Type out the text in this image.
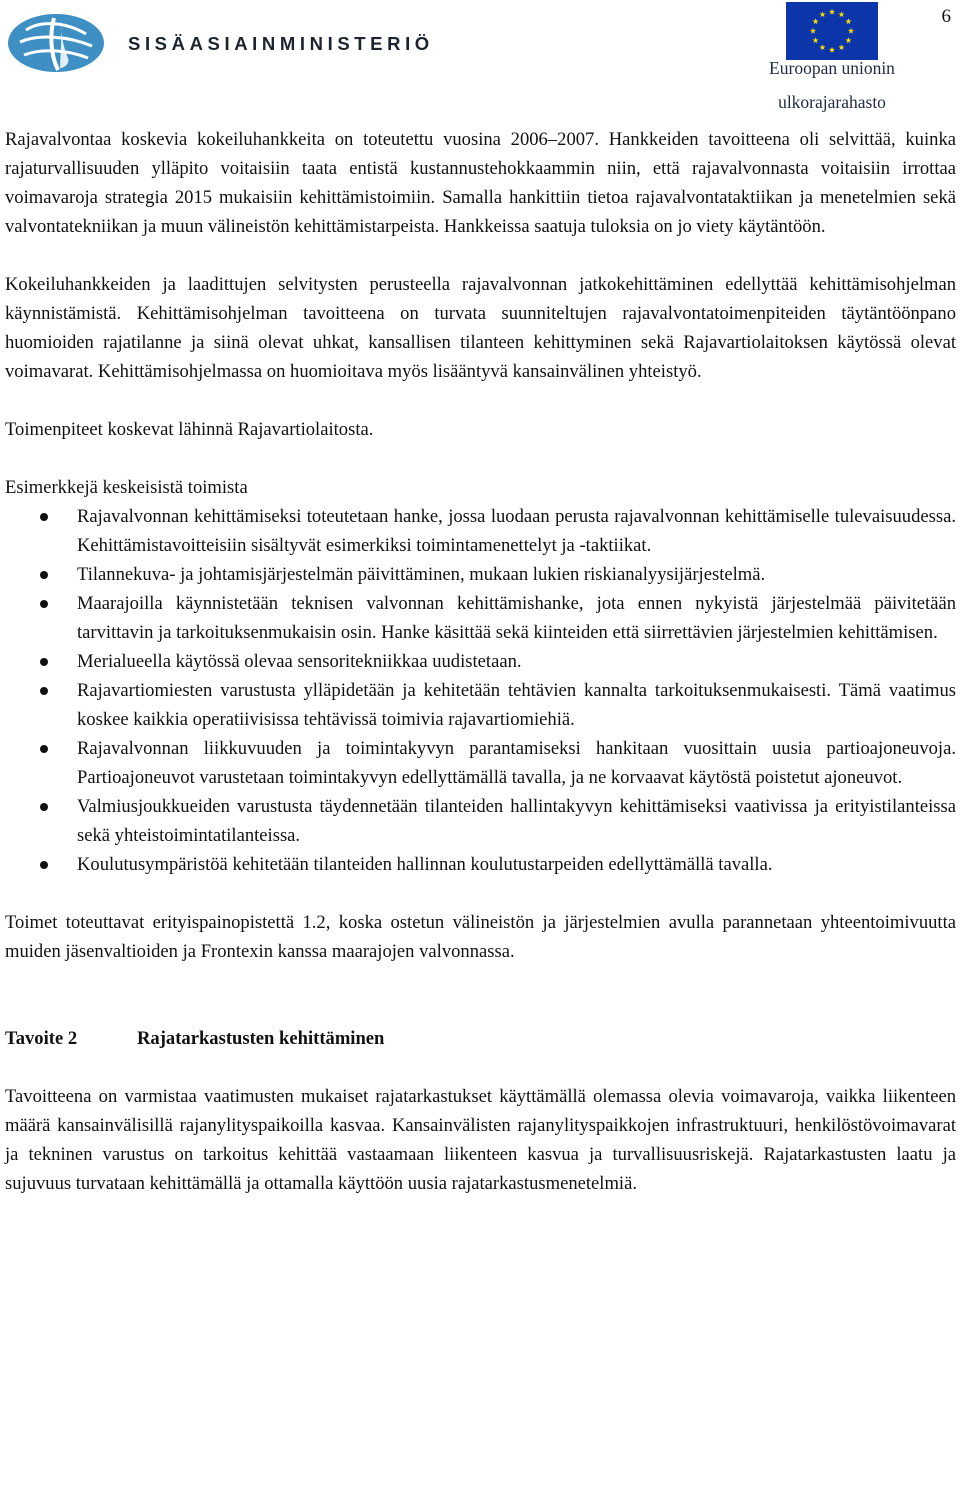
SISÄASIAINMINISTERIÖ
Euroopan unionin
ulkorajarahasto
6

Rajavalvontaa koskevia kokeiluhankkeita on toteutettu vuosina 2006–2007. Hankkeiden tavoitteena oli selvittää, kuinka rajaturvallisuuden ylläpito voitaisiin taata entistä kustannustehokkaammin niin, että rajavalvonnasta voitaisiin irrottaa voimavaroja strategia 2015 mukaisiin kehittämistoimiin. Samalla hankittiin tietoa rajavalvontataktiikan ja menetelmien sekä valvontatekniikan ja muun välineistön kehittämistarpeista. Hankkeissa saatuja tuloksia on jo viety käytäntöön.

Kokeiluhankkeiden ja laadittujen selvitysten perusteella rajavalvonnan jatkokehittäminen edellyttää kehittämisohjelman käynnistämistä. Kehittämisohjelman tavoitteena on turvata suunniteltujen rajavalvontatoimenpiteiden täytäntöönpano huomioiden rajatilanne ja siinä olevat uhkat, kansallisen tilanteen kehittyminen sekä Rajavartiolaitoksen käytössä olevat voimavarat. Kehittämisohjelmassa on huomioitava myös lisääntyvä kansainvälinen yhteistyö.

Toimenpiteet koskevat lähinnä Rajavartiolaitosta.

Esimerkkejä keskeisistä toimista

Rajavalvonnan kehittämiseksi toteutetaan hanke, jossa luodaan perusta rajavalvonnan kehittämiselle tulevaisuudessa. Kehittämistavoitteisiin sisältyvät esimerkiksi toimintamenettelyt ja -taktiikat.
Tilannekuva- ja johtamisjärjestelmän päivittäminen, mukaan lukien riskianalyysijärjestelmä.
Maarajoilla käynnistetään teknisen valvonnan kehittämishanke, jota ennen nykyistä järjestelmää päivitetään tarvittavin ja tarkoituksenmukaisin osin. Hanke käsittää sekä kiinteiden että siirrettävien järjestelmien kehittämisen.
Merialueella käytössä olevaa sensoritekniikkaa uudistetaan.
Rajavartiomiesten varustusta ylläpidetään ja kehitetään tehtävien kannalta tarkoituksenmukaisesti. Tämä vaatimus koskee kaikkia operatiivisissa tehtävissä toimivia rajavartiomiehiä.
Rajavalvonnan liikkuvuuden ja toimintakyvyn parantamiseksi hankitaan vuosittain uusia partioajoneuvoja. Partioajoneuvot varustetaan toimintakyvyn edellyttämällä tavalla, ja ne korvaavat käytöstä poistetut ajoneuvot.
Valmiusjoukkueiden varustusta täydennetään tilanteiden hallintakyvyn kehittämiseksi vaativissa ja erityistilanteissa sekä yhteistoimintatilanteissa.
Koulutusympäristöä kehitetään tilanteiden hallinnan koulutustarpeiden edellyttämällä tavalla.

Toimet toteuttavat erityispainopistettä 1.2, koska ostetun välineistön ja järjestelmien avulla parannetaan yhteentoimivuutta muiden jäsenvaltioiden ja Frontexin kanssa maarajojen valvonnassa.

Tavoite 2	Rajatarkastusten kehittäminen

Tavoitteena on varmistaa vaatimusten mukaiset rajatarkastukset käyttämällä olemassa olevia voimavaroja, vaikka liikenteen määrä kansainvälisillä rajanylityspaikoilla kasvaa. Kansainvälisten rajanylityspaikkojen infrastruktuuri, henkilöstövoimavarat ja tekninen varustus on tarkoitus kehittää vastaamaan liikenteen kasvua ja turvallisuusriskejä. Rajatarkastusten laatu ja sujuvuus turvataan kehittämällä ja ottamalla käyttöön uusia rajatarkastusmenetelmiä.
